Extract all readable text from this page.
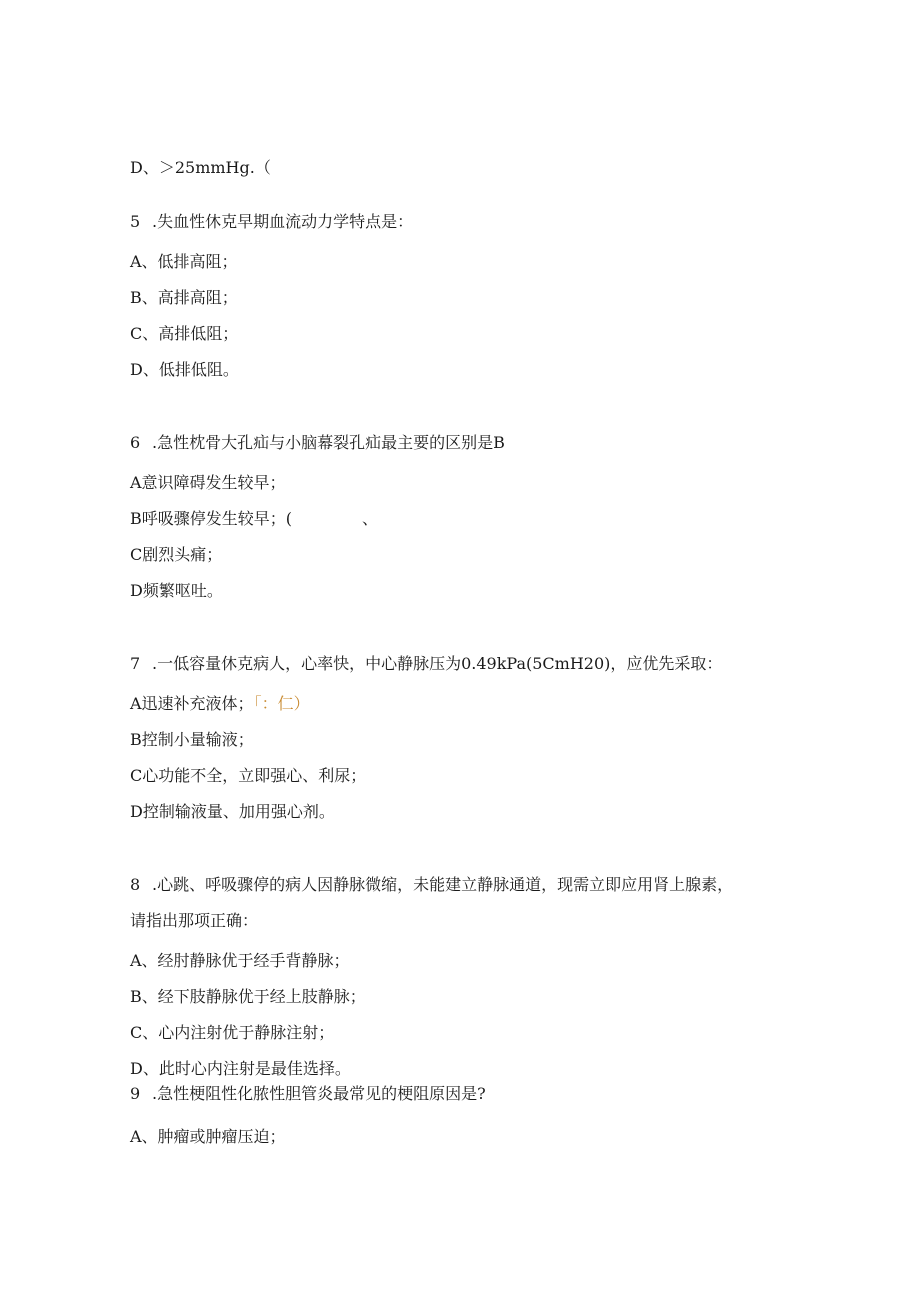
D、＞25mmHg.（
5 .失血性休克早期血流动力学特点是：
A、低排高阻；
B、高排高阻；
C、高排低阻；
D、低排低阻。
6 .急性枕骨大孔疝与小脑幕裂孔疝最主要的区别是B
A意识障碍发生较早；
B呼吸骤停发生较早；(	、
C剧烈头痛；
D频繁呕吐。
7 .一低容量休克病人，心率快，中心静脉压为0.49kPa(5CmH20)，应优先采取：
A迅速补充液体；「：仁）
B控制小量输液；
C心功能不全，立即强心、利尿；
D控制输液量、加用强心剂。
8 .心跳、呼吸骤停的病人因静脉微缩，未能建立静脉通道，现需立即应用肾上腺素，
请指出那项正确：
A、经肘静脉优于经手背静脉；
B、经下肢静脉优于经上肢静脉；
C、心内注射优于静脉注射；
D、此时心内注射是最佳选择。
9 .急性梗阻性化脓性胆管炎最常见的梗阻原因是?
A、肿瘤或肿瘤压迫；
